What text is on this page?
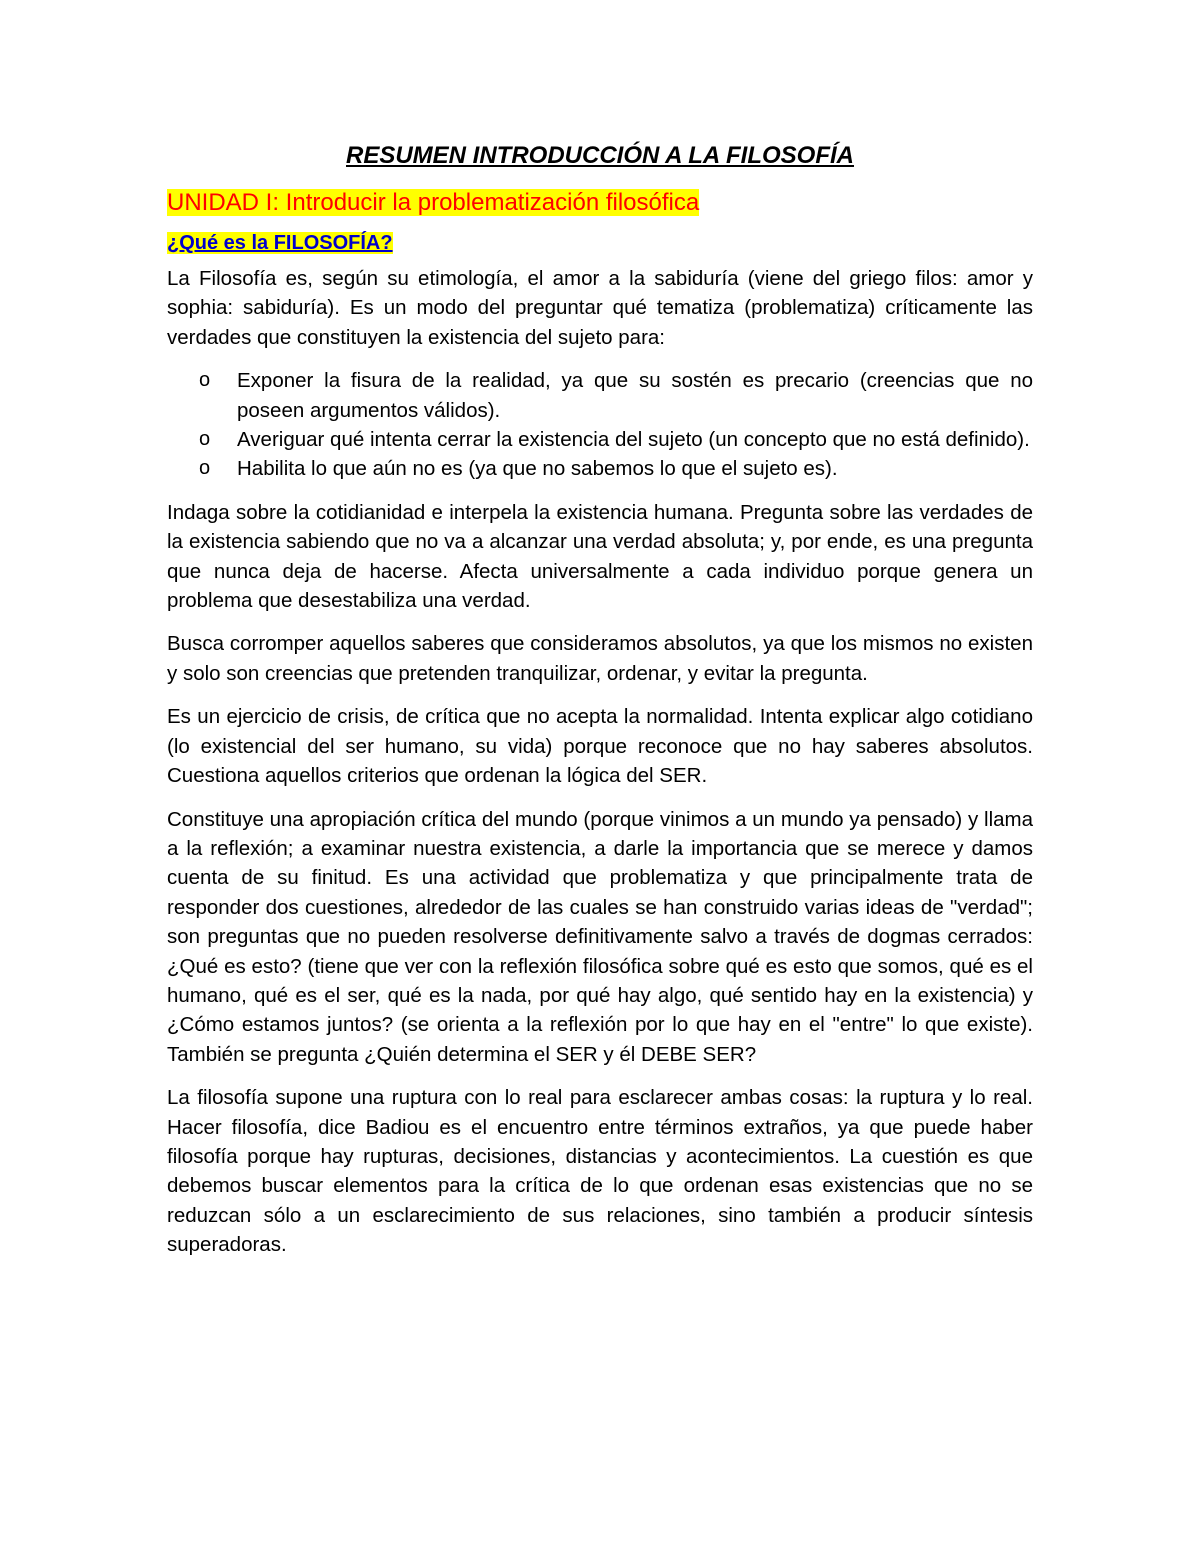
RESUMEN INTRODUCCIÓN A LA FILOSOFÍA
UNIDAD I: Introducir la problematización filosófica
¿Qué es la FILOSOFÍA?

La Filosofía es, según su etimología, el amor a la sabiduría (viene del griego filos: amor y sophia: sabiduría). Es un modo del preguntar qué tematiza (problematiza) críticamente las verdades que constituyen la existencia del sujeto para:

o Exponer la fisura de la realidad, ya que su sostén es precario (creencias que no poseen argumentos válidos).
o Averiguar qué intenta cerrar la existencia del sujeto (un concepto que no está definido).
o Habilita lo que aún no es (ya que no sabemos lo que el sujeto es).

Indaga sobre la cotidianidad e interpela la existencia humana. Pregunta sobre las verdades de la existencia sabiendo que no va a alcanzar una verdad absoluta; y, por ende, es una pregunta que nunca deja de hacerse. Afecta universalmente a cada individuo porque genera un problema que desestabiliza una verdad.

Busca corromper aquellos saberes que consideramos absolutos, ya que los mismos no existen y solo son creencias que pretenden tranquilizar, ordenar, y evitar la pregunta.

Es un ejercicio de crisis, de crítica que no acepta la normalidad. Intenta explicar algo cotidiano (lo existencial del ser humano, su vida) porque reconoce que no hay saberes absolutos. Cuestiona aquellos criterios que ordenan la lógica del SER.

Constituye una apropiación crítica del mundo (porque vinimos a un mundo ya pensado) y llama a la reflexión; a examinar nuestra existencia, a darle la importancia que se merece y damos cuenta de su finitud. Es una actividad que problematiza y que principalmente trata de responder dos cuestiones, alrededor de las cuales se han construido varias ideas de "verdad"; son preguntas que no pueden resolverse definitivamente salvo a través de dogmas cerrados: ¿Qué es esto? (tiene que ver con la reflexión filosófica sobre qué es esto que somos, qué es el humano, qué es el ser, qué es la nada, por qué hay algo, qué sentido hay en la existencia) y ¿Cómo estamos juntos? (se orienta a la reflexión por lo que hay en el "entre" lo que existe). También se pregunta ¿Quién determina el SER y él DEBE SER?

La filosofía supone una ruptura con lo real para esclarecer ambas cosas: la ruptura y lo real. Hacer filosofía, dice Badiou es el encuentro entre términos extraños, ya que puede haber filosofía porque hay rupturas, decisiones, distancias y acontecimientos. La cuestión es que debemos buscar elementos para la crítica de lo que ordenan esas existencias que no se reduzcan sólo a un esclarecimiento de sus relaciones, sino también a producir síntesis superadoras.
